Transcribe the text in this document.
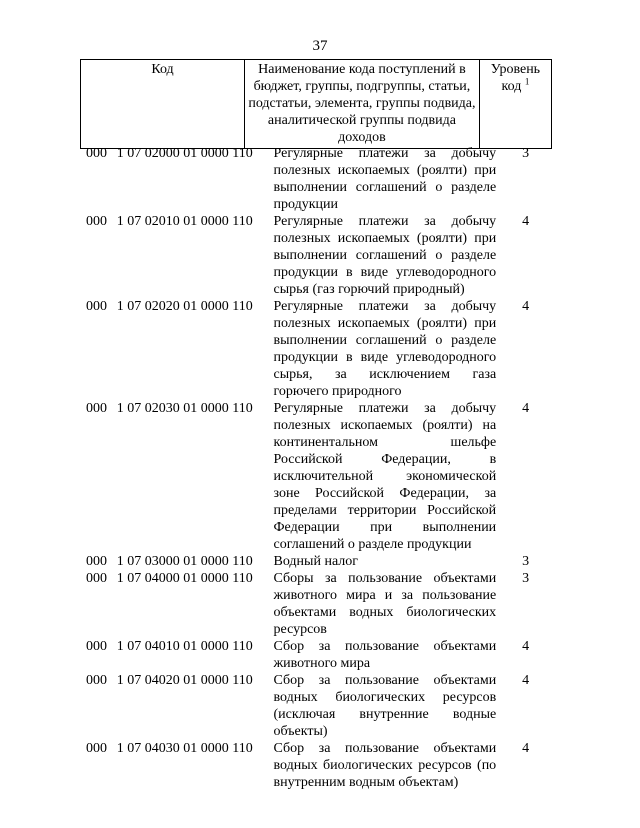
37
Код	Наименование кода поступлений в бюджет, группы, подгруппы, статьи, подстатьи, элемента, группы подвида, аналитической группы подвида доходов	Уровень код $^1$
000	1 07 02000 01 0000 110	Регулярные платежи за добычу полезных ископаемых (роялти) при выполнении соглашений о разделе продукции	3
000	1 07 02010 01 0000 110	Регулярные платежи за добычу полезных ископаемых (роялти) при выполнении соглашений о разделе продукции в виде углеводородного сырья (газ горючий природный)	4
000	1 07 02020 01 0000 110	Регулярные платежи за добычу полезных ископаемых (роялти) при выполнении соглашений о разделе продукции в виде углеводородного сырья, за исключением газа горючего природного	4
000	1 07 02030 01 0000 110	Регулярные платежи за добычу полезных ископаемых (роялти) на континентальном шельфе Российской Федерации, в исключительной экономической зоне Российской Федерации, за пределами территории Российской Федерации при выполнении соглашений о разделе продукции	4
000	1 07 03000 01 0000 110	Водный налог	3
000	1 07 04000 01 0000 110	Сборы за пользование объектами животного мира и за пользование объектами водных биологических ресурсов	3
000	1 07 04010 01 0000 110	Сбор за пользование объектами животного мира	4
000	1 07 04020 01 0000 110	Сбор за пользование объектами водных биологических ресурсов (исключая внутренние водные объекты)	4
000	1 07 04030 01 0000 110	Сбор за пользование объектами водных биологических ресурсов (по внутренним водным объектам)	4
